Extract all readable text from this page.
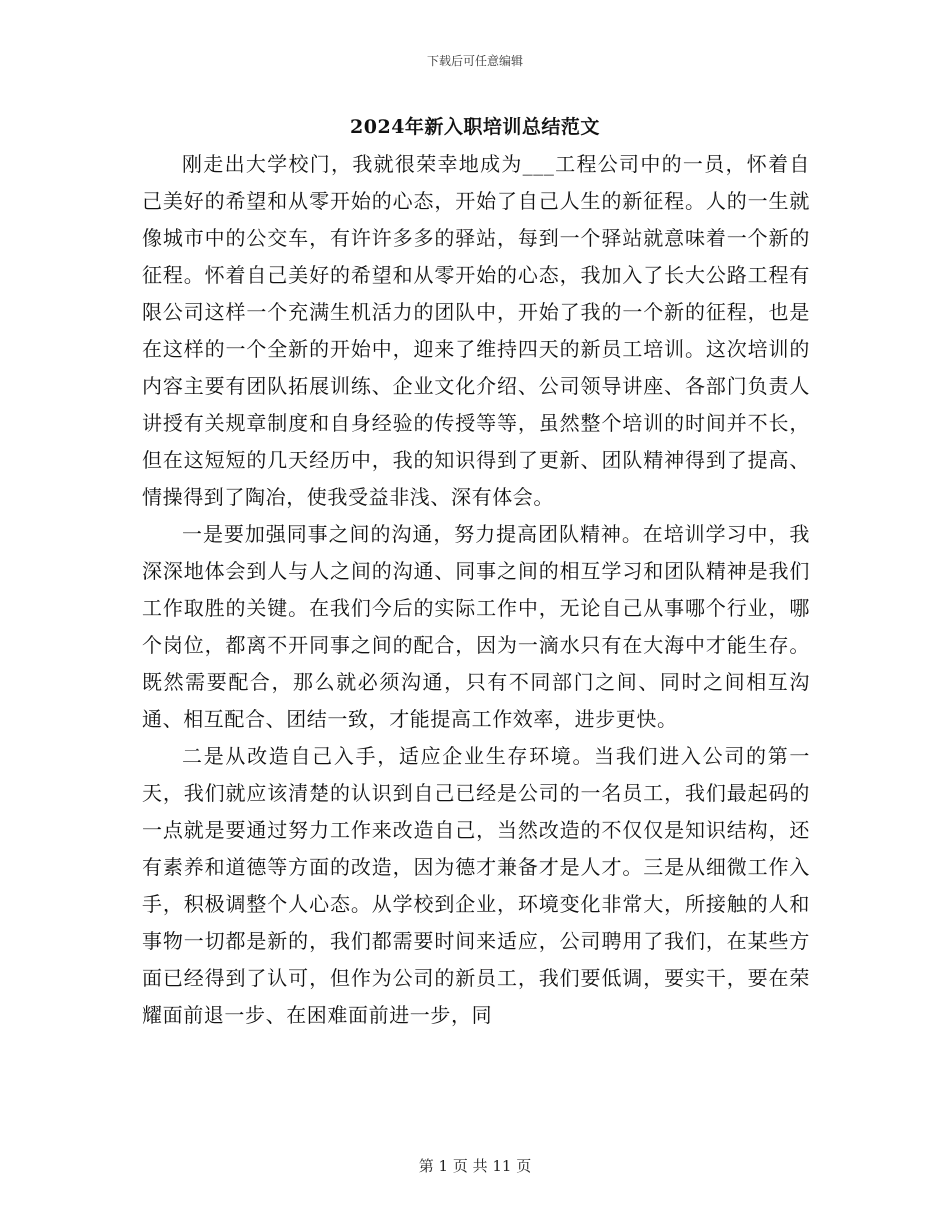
下载后可任意编辑
2024年新入职培训总结范文

刚走出大学校门，我就很荣幸地成为___工程公司中的一员，怀着自己美好的希望和从零开始的心态，开始了自己人生的新征程。人的一生就像城市中的公交车，有许许多多的驿站，每到一个驿站就意味着一个新的征程。怀着自己美好的希望和从零开始的心态，我加入了长大公路工程有限公司这样一个充满生机活力的团队中，开始了我的一个新的征程，也是在这样的一个全新的开始中，迎来了维持四天的新员工培训。这次培训的内容主要有团队拓展训练、企业文化介绍、公司领导讲座、各部门负责人讲授有关规章制度和自身经验的传授等等，虽然整个培训的时间并不长，但在这短短的几天经历中，我的知识得到了更新、团队精神得到了提高、情操得到了陶冶，使我受益非浅、深有体会。

一是要加强同事之间的沟通，努力提高团队精神。在培训学习中，我深深地体会到人与人之间的沟通、同事之间的相互学习和团队精神是我们工作取胜的关键。在我们今后的实际工作中，无论自己从事哪个行业，哪个岗位，都离不开同事之间的配合，因为一滴水只有在大海中才能生存。既然需要配合，那么就必须沟通，只有不同部门之间、同时之间相互沟通、相互配合、团结一致，才能提高工作效率，进步更快。

二是从改造自己入手，适应企业生存环境。当我们进入公司的第一天，我们就应该清楚的认识到自己已经是公司的一名员工，我们最起码的一点就是要通过努力工作来改造自己，当然改造的不仅仅是知识结构，还有素养和道德等方面的改造，因为德才兼备才是人才。三是从细微工作入手，积极调整个人心态。从学校到企业，环境变化非常大，所接触的人和事物一切都是新的，我们都需要时间来适应，公司聘用了我们，在某些方面已经得到了认可，但作为公司的新员工，我们要低调，要实干，要在荣耀面前退一步、在困难面前进一步，同

第 1 页 共 11 页
